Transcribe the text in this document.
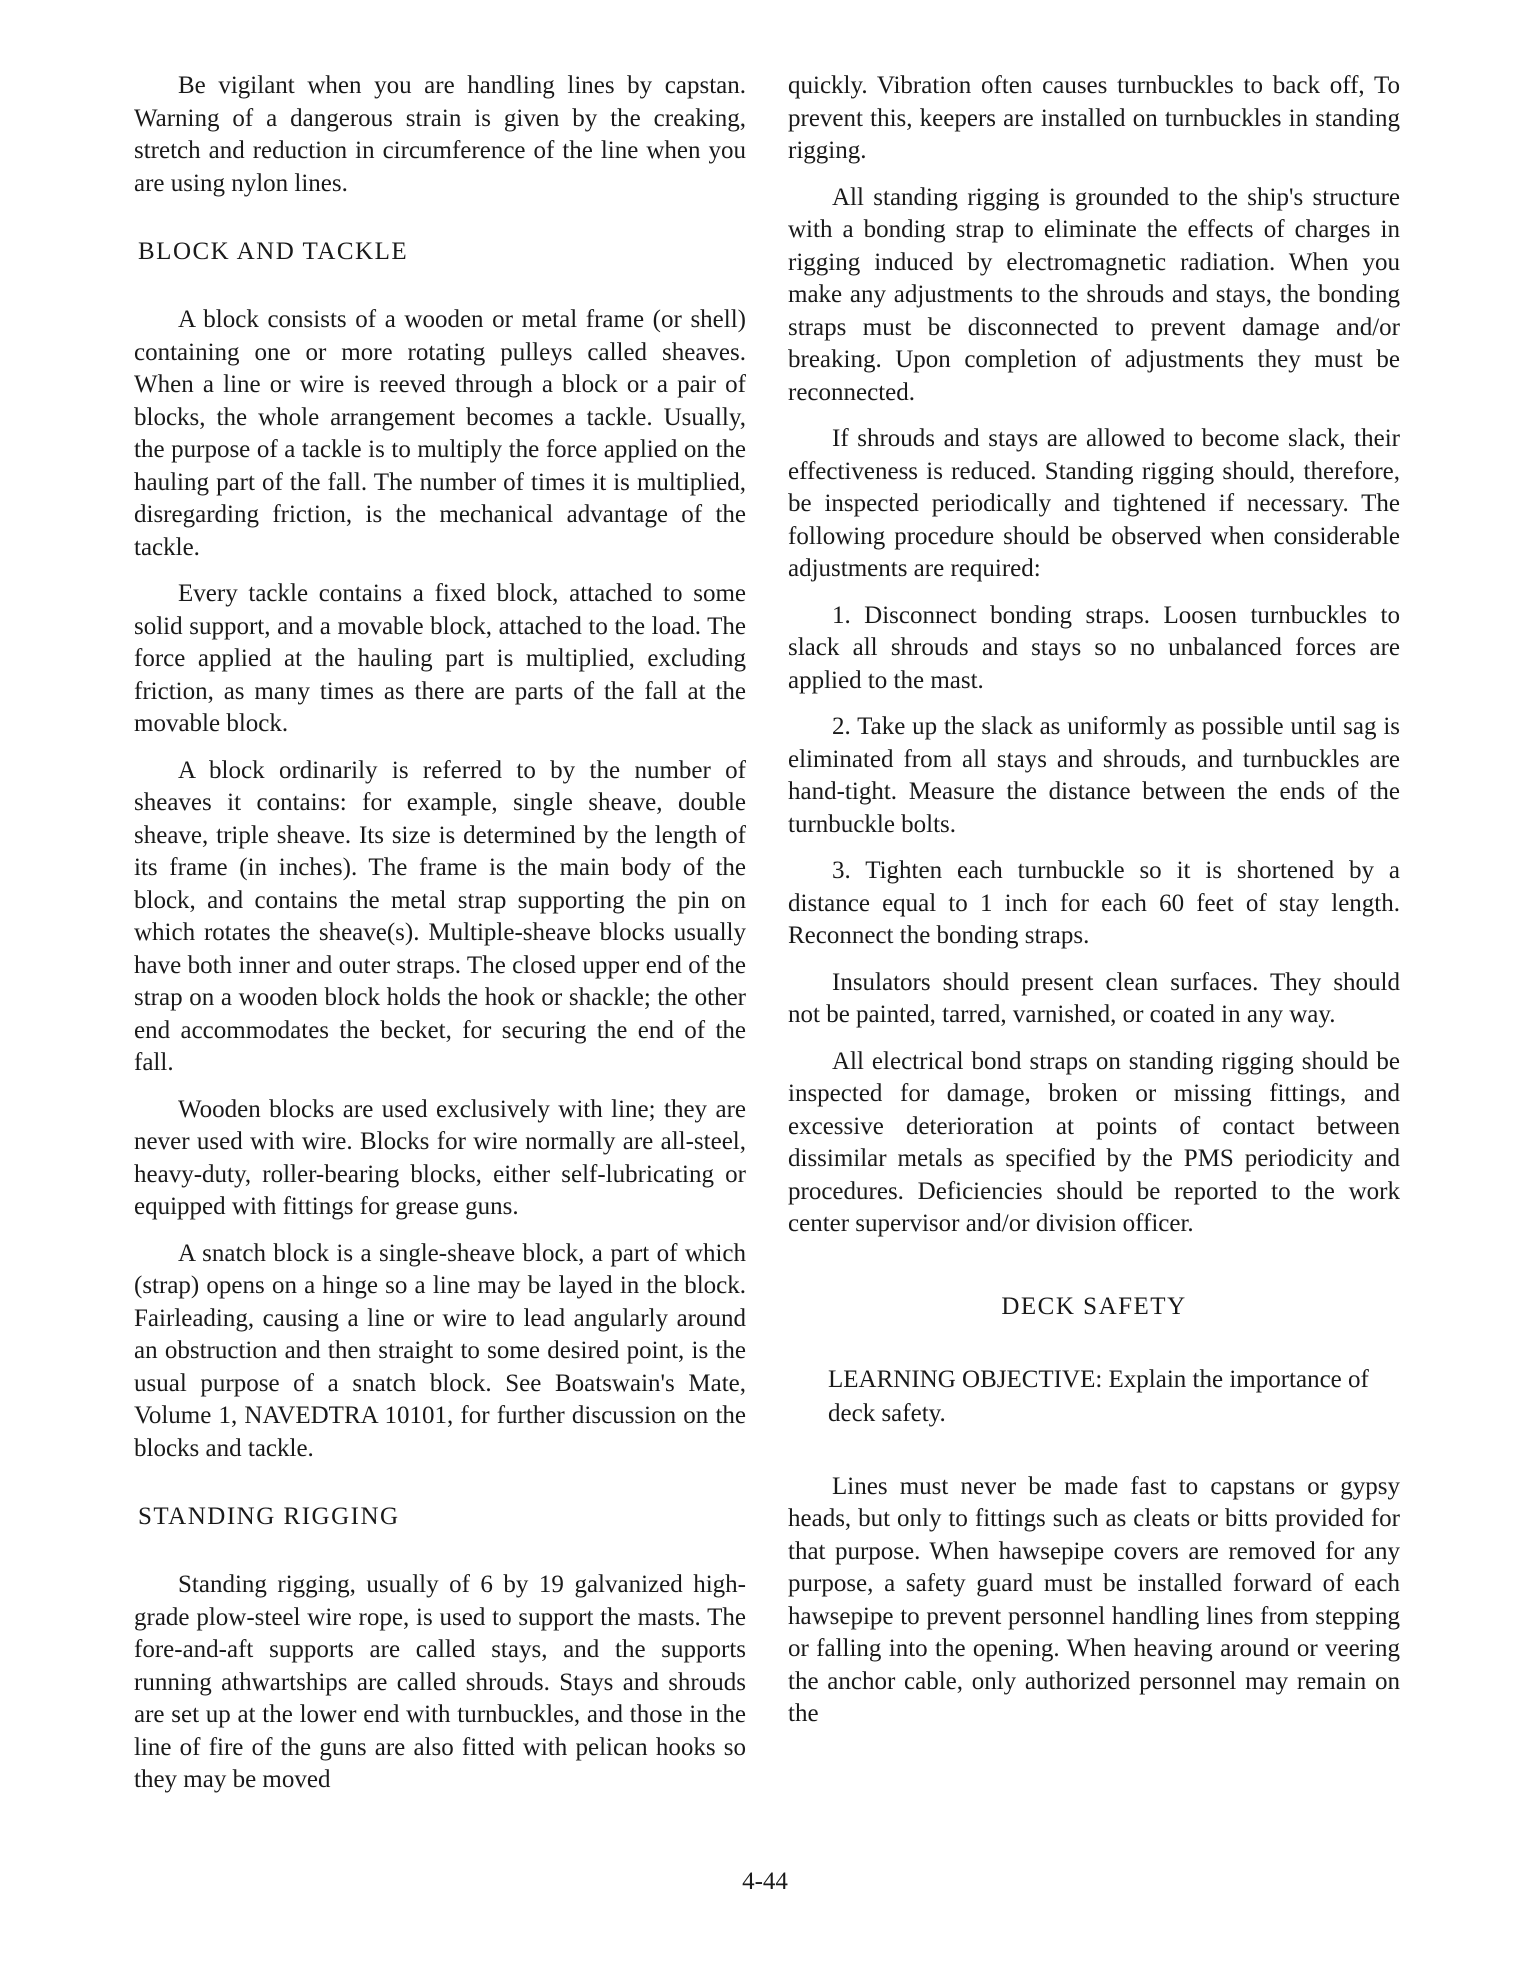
Be vigilant when you are handling lines by capstan. Warning of a dangerous strain is given by the creaking, stretch and reduction in circumference of the line when you are using nylon lines.

BLOCK AND TACKLE

A block consists of a wooden or metal frame (or shell) containing one or more rotating pulleys called sheaves. When a line or wire is reeved through a block or a pair of blocks, the whole arrangement becomes a tackle. Usually, the purpose of a tackle is to multiply the force applied on the hauling part of the fall. The number of times it is multiplied, disregarding friction, is the mechanical advantage of the tackle.

Every tackle contains a fixed block, attached to some solid support, and a movable block, attached to the load. The force applied at the hauling part is multiplied, excluding friction, as many times as there are parts of the fall at the movable block.

A block ordinarily is referred to by the number of sheaves it contains: for example, single sheave, double sheave, triple sheave. Its size is determined by the length of its frame (in inches). The frame is the main body of the block, and contains the metal strap supporting the pin on which rotates the sheave(s). Multiple-sheave blocks usually have both inner and outer straps. The closed upper end of the strap on a wooden block holds the hook or shackle; the other end accommodates the becket, for securing the end of the fall.

Wooden blocks are used exclusively with line; they are never used with wire. Blocks for wire normally are all-steel, heavy-duty, roller-bearing blocks, either self-lubricating or equipped with fittings for grease guns.

A snatch block is a single-sheave block, a part of which (strap) opens on a hinge so a line may be layed in the block. Fairleading, causing a line or wire to lead angularly around an obstruction and then straight to some desired point, is the usual purpose of a snatch block. See Boatswain's Mate, Volume 1, NAVEDTRA 10101, for further discussion on the blocks and tackle.

STANDING RIGGING

Standing rigging, usually of 6 by 19 galvanized high-grade plow-steel wire rope, is used to support the masts. The fore-and-aft supports are called stays, and the supports running athwartships are called shrouds. Stays and shrouds are set up at the lower end with turnbuckles, and those in the line of fire of the guns are also fitted with pelican hooks so they may be moved

quickly. Vibration often causes turnbuckles to back off, To prevent this, keepers are installed on turnbuckles in standing rigging.

All standing rigging is grounded to the ship's structure with a bonding strap to eliminate the effects of charges in rigging induced by electromagnetic radiation. When you make any adjustments to the shrouds and stays, the bonding straps must be disconnected to prevent damage and/or breaking. Upon completion of adjustments they must be reconnected.

If shrouds and stays are allowed to become slack, their effectiveness is reduced. Standing rigging should, therefore, be inspected periodically and tightened if necessary. The following procedure should be observed when considerable adjustments are required:

1. Disconnect bonding straps. Loosen turnbuckles to slack all shrouds and stays so no unbalanced forces are applied to the mast.

2. Take up the slack as uniformly as possible until sag is eliminated from all stays and shrouds, and turnbuckles are hand-tight. Measure the distance between the ends of the turnbuckle bolts.

3. Tighten each turnbuckle so it is shortened by a distance equal to 1 inch for each 60 feet of stay length. Reconnect the bonding straps.

Insulators should present clean surfaces. They should not be painted, tarred, varnished, or coated in any way.

All electrical bond straps on standing rigging should be inspected for damage, broken or missing fittings, and excessive deterioration at points of contact between dissimilar metals as specified by the PMS periodicity and procedures. Deficiencies should be reported to the work center supervisor and/or division officer.

DECK SAFETY
LEARNING OBJECTIVE: Explain the importance of deck safety.

Lines must never be made fast to capstans or gypsy heads, but only to fittings such as cleats or bitts provided for that purpose. When hawsepipe covers are removed for any purpose, a safety guard must be installed forward of each hawsepipe to prevent personnel handling lines from stepping or falling into the opening. When heaving around or veering the anchor cable, only authorized personnel may remain on the

4-44
